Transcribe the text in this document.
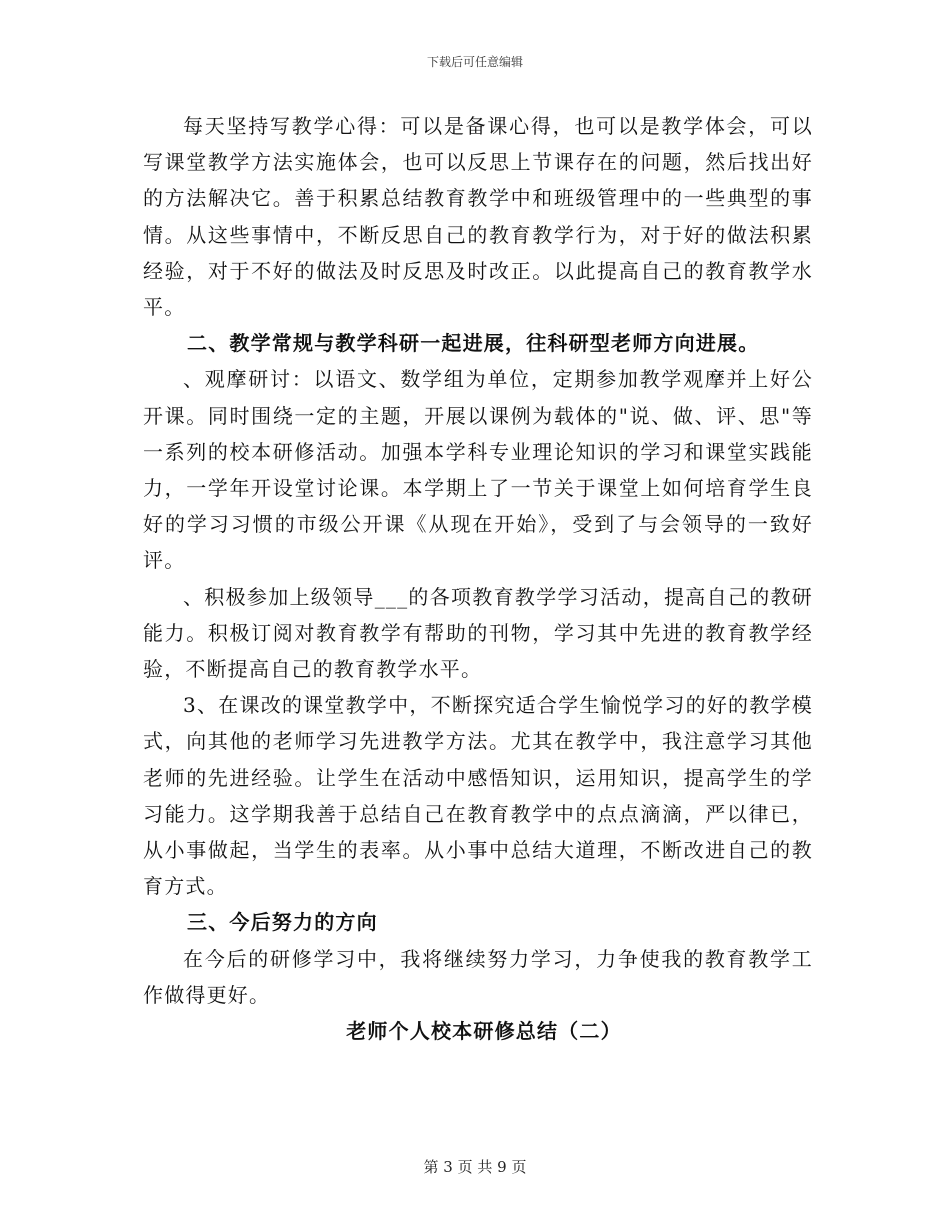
下载后可任意编辑

每天坚持写教学心得：可以是备课心得，也可以是教学体会，可以写课堂教学方法实施体会，也可以反思上节课存在的问题，然后找出好的方法解决它。善于积累总结教育教学中和班级管理中的一些典型的事情。从这些事情中，不断反思自己的教育教学行为，对于好的做法积累经验，对于不好的做法及时反思及时改正。以此提高自己的教育教学水平。

二、教学常规与教学科研一起进展，往科研型老师方向进展。

、观摩研讨：以语文、数学组为单位，定期参加教学观摩并上好公开课。同时围绕一定的主题，开展以课例为载体的"说、做、评、思"等一系列的校本研修活动。加强本学科专业理论知识的学习和课堂实践能力，一学年开设堂讨论课。本学期上了一节关于课堂上如何培育学生良好的学习习惯的市级公开课《从现在开始》，受到了与会领导的一致好评。

、积极参加上级领导___的各项教育教学学习活动，提高自己的教研能力。积极订阅对教育教学有帮助的刊物，学习其中先进的教育教学经验，不断提高自己的教育教学水平。

3、在课改的课堂教学中，不断探究适合学生愉悦学习的好的教学模式，向其他的老师学习先进教学方法。尤其在教学中，我注意学习其他老师的先进经验。让学生在活动中感悟知识，运用知识，提高学生的学习能力。这学期我善于总结自己在教育教学中的点点滴滴，严以律已，从小事做起，当学生的表率。从小事中总结大道理，不断改进自己的教育方式。

三、今后努力的方向

在今后的研修学习中，我将继续努力学习，力争使我的教育教学工作做得更好。

老师个人校本研修总结（二）

第 3 页 共 9 页
